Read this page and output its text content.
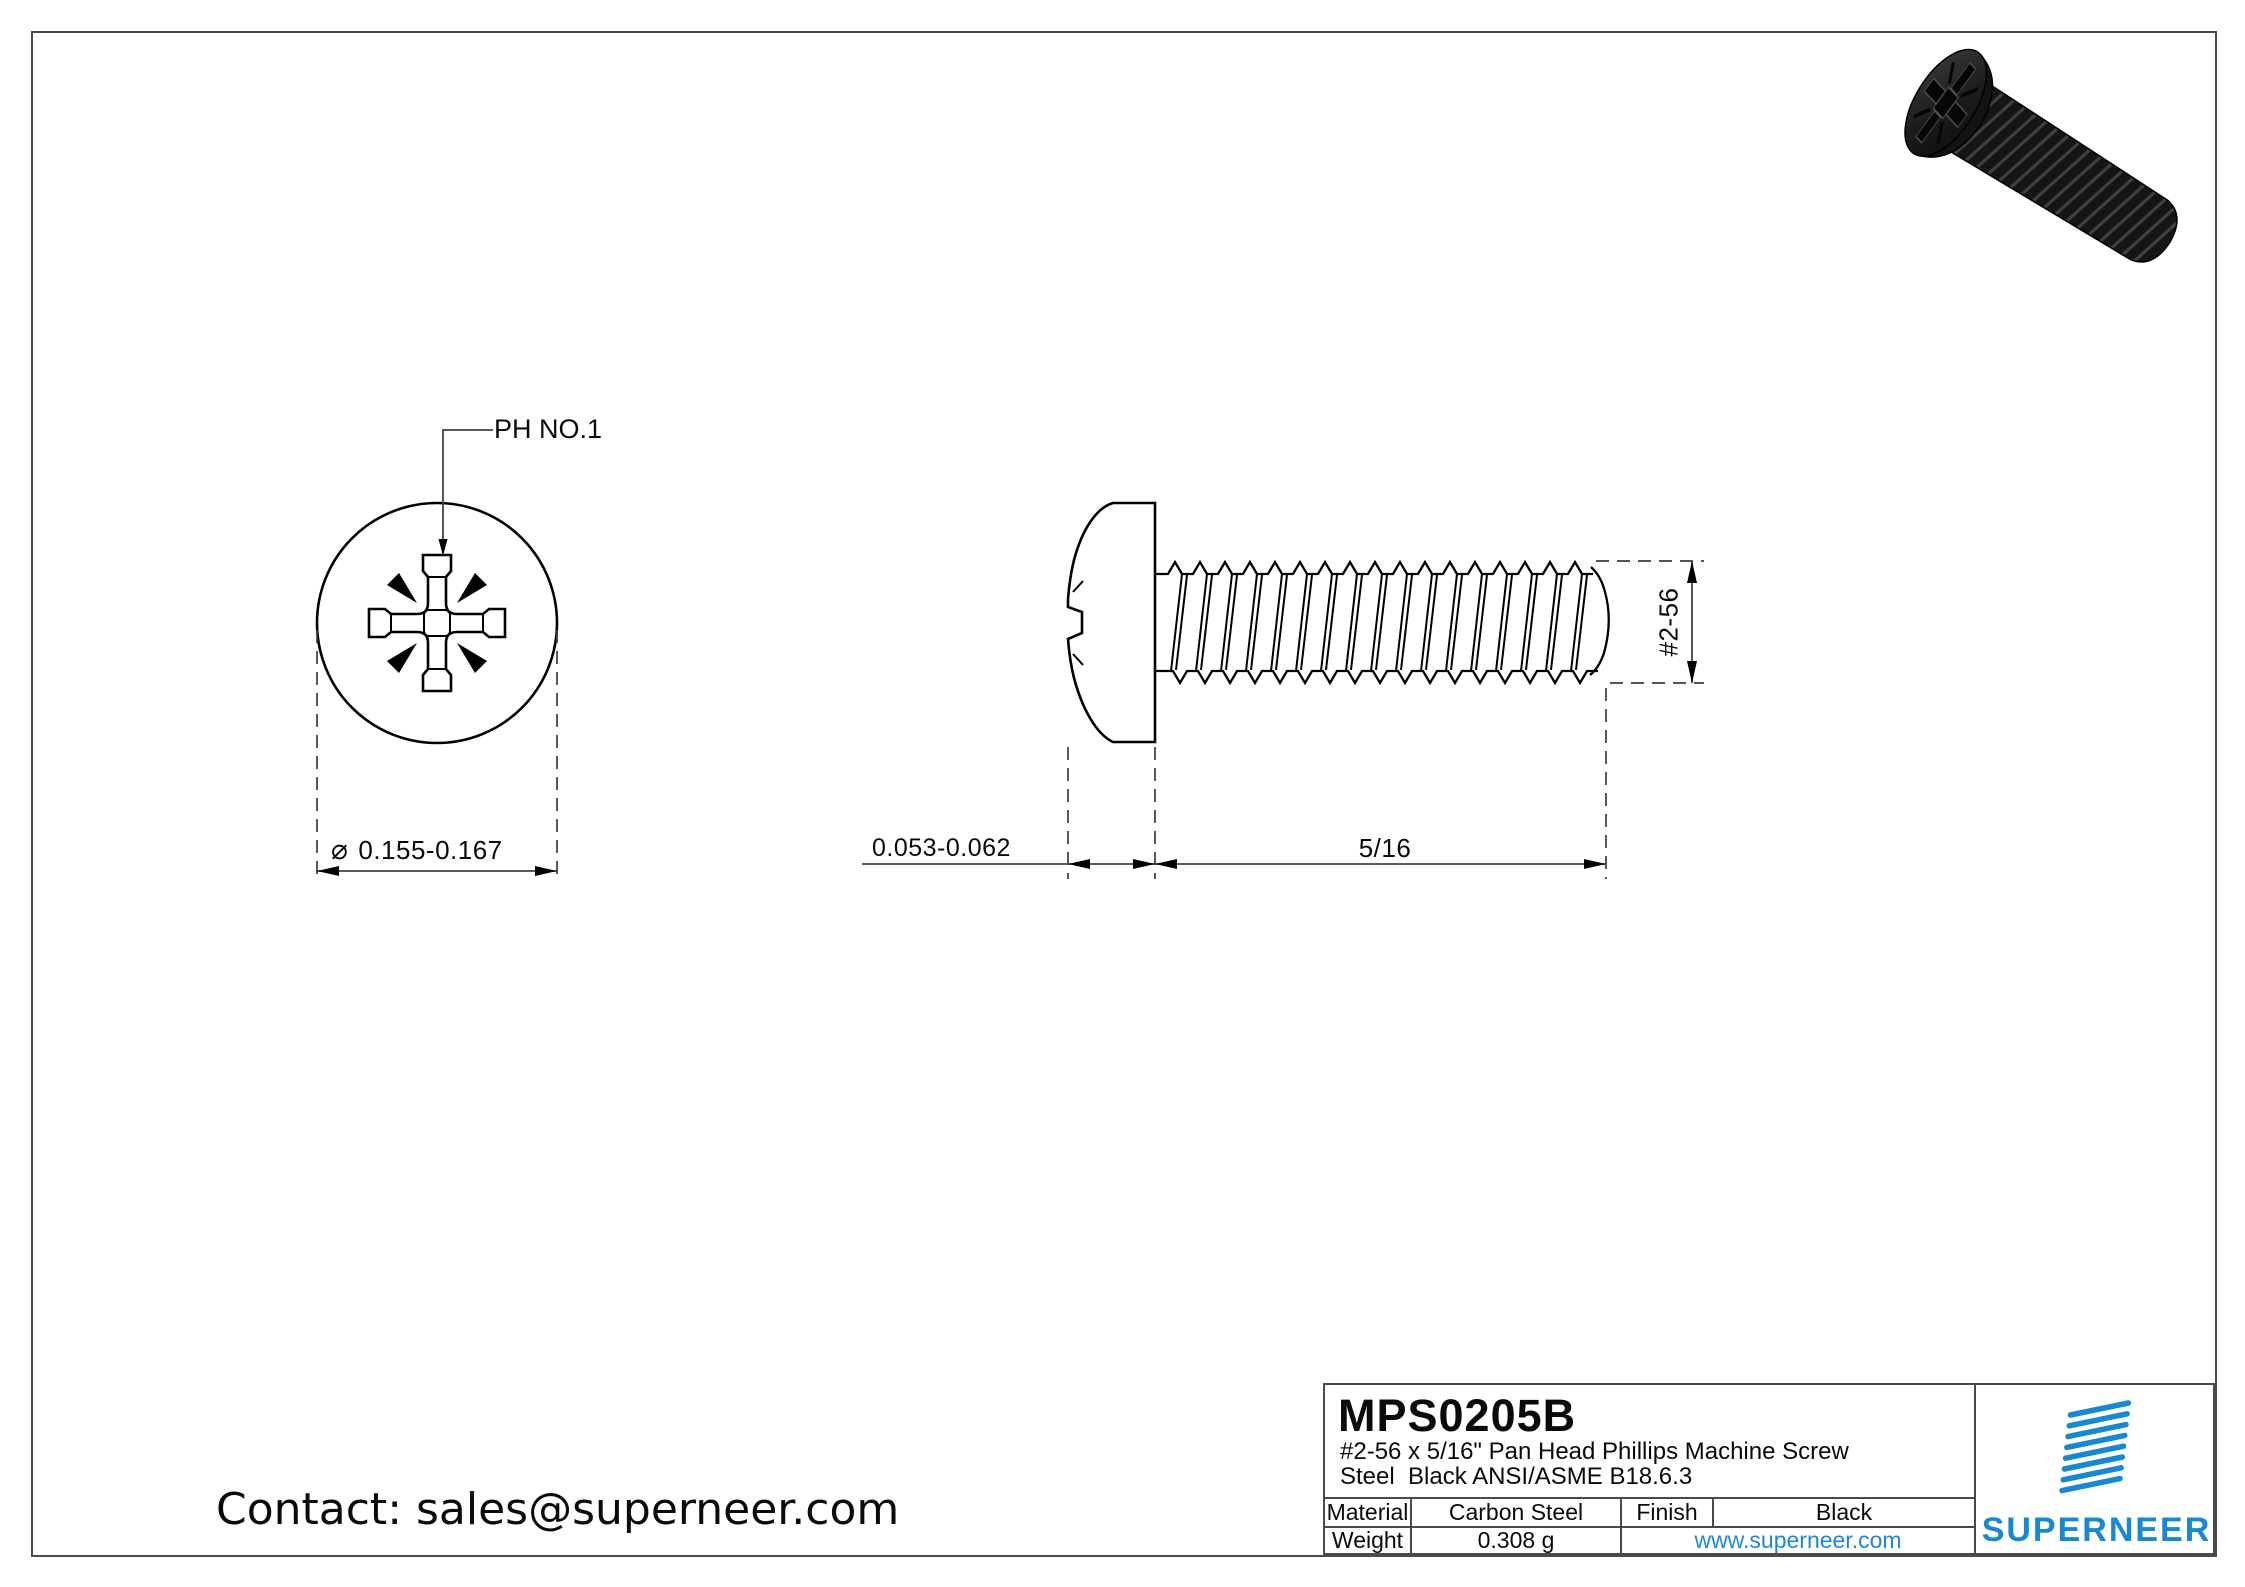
PH NO.1
⌀ 0.155-0.167	0.053-0.062	5/16
#2-56
MPS0205B
#2-56 x 5/16" Pan Head Phillips Machine Screw
Steel  Black ANSI/ASME B18.6.3
Material	Carbon Steel	Finish	Black
Weight	0.308 g	www.superneer.com	SUPERNEER
Contact: sales@superneer.com
